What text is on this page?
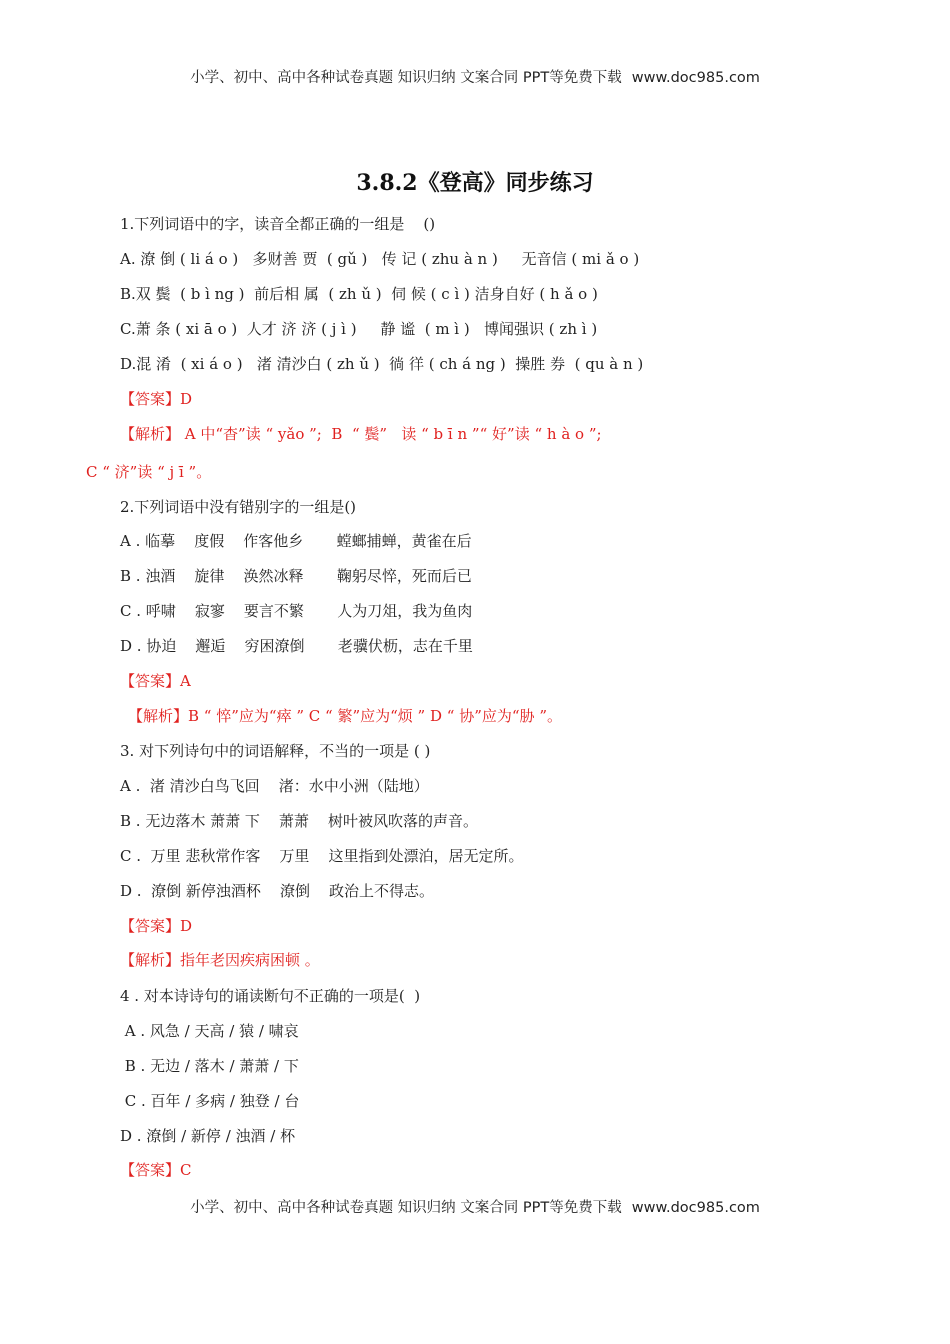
小学、初中、高中各种试卷真题 知识归纳 文案合同 PPT等免费下载 www.doc985.com
3.8.2《登高》同步练习
1.下列词语中的字，读音全都正确的一组是    ()
A. 潦 倒 ( li á o )   多财善 贾  ( gǔ )   传 记 ( zhu à n )     无音信 ( mi ǎ o )
B.双 鬓  ( b ì ng )  前后相 属  ( zh ǔ )  伺 候 ( c ì ) 洁身自好 ( h ǎ o )
C.萧 条 ( xi ā o )  人才 济 济 ( j ì )     静 谧  ( m ì )   博闻强识 ( zh ì )
D.混 淆  ( xi á o )   渚 清沙白 ( zh ǔ )  徜 徉 ( ch á ng )  操胜 券  ( qu à n )
【答案】D
【解析】 A 中“杳”读 “ yǎo ”;  B  “ 鬓”   读 “ b ī n ”“ 好”读 “ h à o ”;
C “ 济”读 “ j ī ”。
2.下列词语中没有错别字的一组是()
A . 临摹    度假    作客他乡       螳螂捕蝉，黄雀在后
B . 浊酒    旋律    涣然冰释       鞠躬尽悴，死而后已
C . 呼啸    寂寥    要言不繁       人为刀俎，我为鱼肉
D . 协迫    邂逅    穷困潦倒       老骥伏枥，志在千里
【答案】A
【解析】B “ 悴”应为“瘁 ” C “ 繁”应为“烦 ” D “ 协”应为“胁 ”。
3. 对下列诗句中的词语解释，不当的一项是 ( )
A .  渚 清沙白鸟飞回    渚：水中小洲（陆地）
B . 无边落木 萧萧 下    萧萧    树叶被风吹落的声音。
C .  万里 悲秋常作客    万里    这里指到处漂泊，居无定所。
D .  潦倒 新停浊酒杯    潦倒    政治上不得志。
【答案】D
【解析】指年老因疾病困顿 。
4 . 对本诗诗句的诵读断句不正确的一项是(  )
A . 风急 / 天高 / 猿 / 啸哀
B . 无边 / 落木 / 萧萧 / 下
C . 百年 / 多病 / 独登 / 台
D . 潦倒 / 新停 / 浊酒 / 杯
【答案】C
小学、初中、高中各种试卷真题 知识归纳 文案合同 PPT等免费下载 www.doc985.com
